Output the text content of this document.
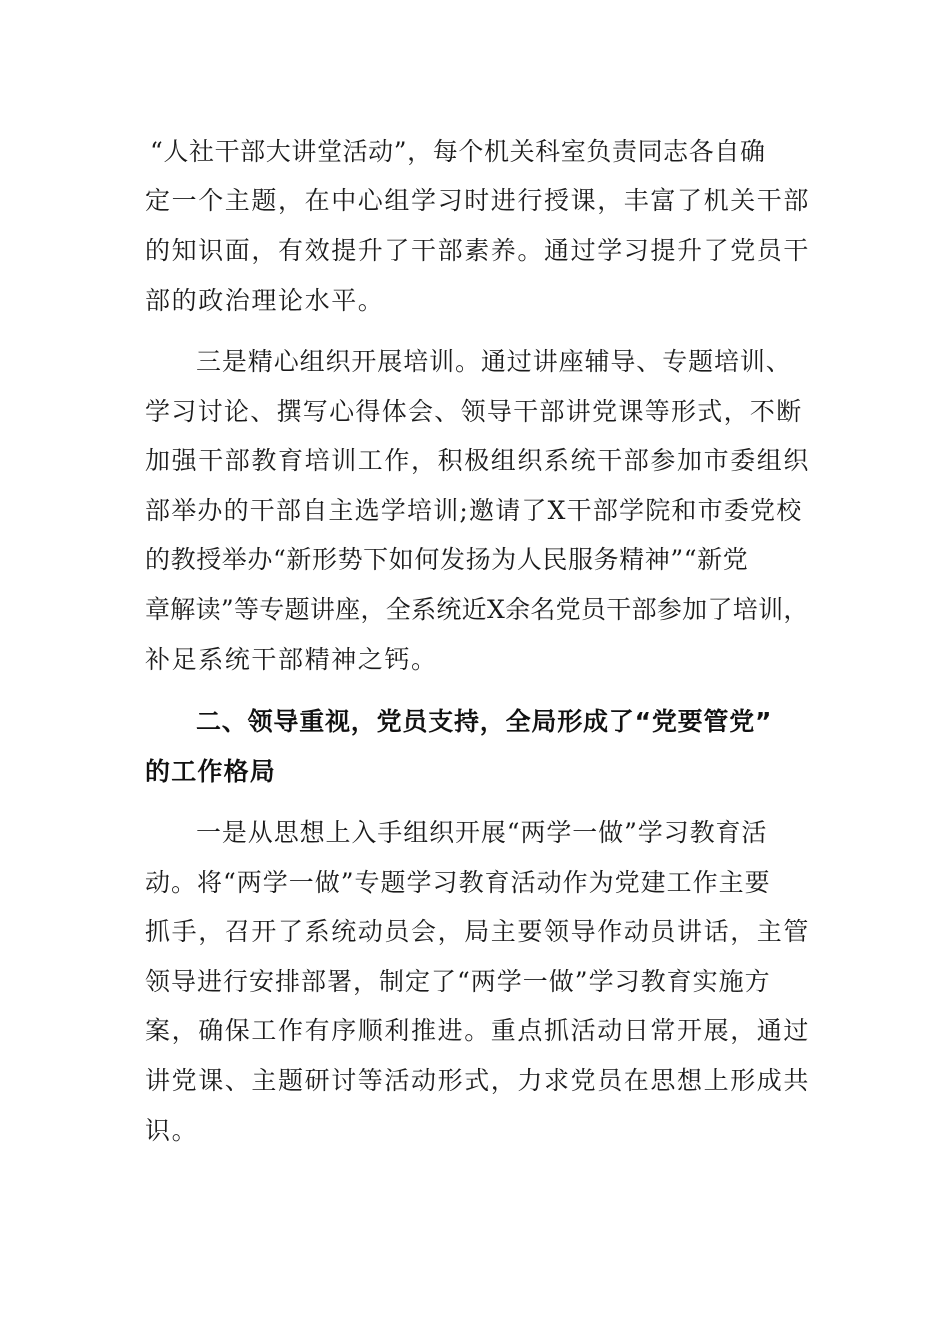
“人社干部大讲堂活动”，每个机关科室负责同志各自确
定一个主题，在中心组学习时进行授课，丰富了机关干部
的知识面，有效提升了干部素养。通过学习提升了党员干
部的政治理论水平。
三是精心组织开展培训。通过讲座辅导、专题培训、
学习讨论、撰写心得体会、领导干部讲党课等形式，不断
加强干部教育培训工作，积极组织系统干部参加市委组织
部举办的干部自主选学培训;邀请了X干部学院和市委党校
的教授举办“新形势下如何发扬为人民服务精神”“新党
章解读”等专题讲座，全系统近X余名党员干部参加了培训，
补足系统干部精神之钙。
二、领导重视，党员支持，全局形成了“党要管党”
的工作格局
一是从思想上入手组织开展“两学一做”学习教育活
动。将“两学一做”专题学习教育活动作为党建工作主要
抓手，召开了系统动员会，局主要领导作动员讲话，主管
领导进行安排部署，制定了“两学一做”学习教育实施方
案，确保工作有序顺利推进。重点抓活动日常开展，通过
讲党课、主题研讨等活动形式，力求党员在思想上形成共
识。
